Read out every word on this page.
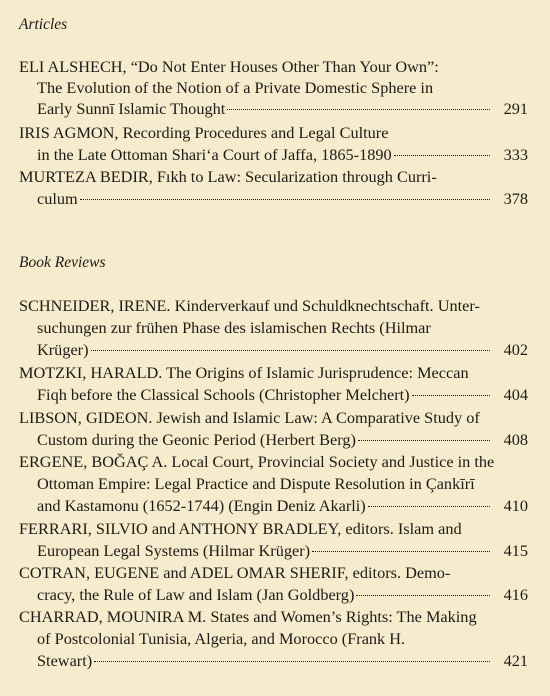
Articles
ELI ALSHECH, “Do Not Enter Houses Other Than Your Own”:
The Evolution of the Notion of a Private Domestic Sphere in
Early Sunnī Islamic Thought	291
IRIS AGMON, Recording Procedures and Legal Culture
in the Late Ottoman Shari‘a Court of Jaffa, 1865-1890	333
MURTEZA BEDIR, Fıkh to Law: Secularization through Curri-
culum	378
Book Reviews
SCHNEIDER, IRENE. Kinderverkauf und Schuldknechtschaft. Unter-
suchungen zur frühen Phase des islamischen Rechts (Hilmar
Krüger)	402
MOTZKI, HARALD. The Origins of Islamic Jurisprudence: Meccan
Fiqh before the Classical Schools (Christopher Melchert)	404
LIBSON, GIDEON. Jewish and Islamic Law: A Comparative Study of
Custom during the Geonic Period (Herbert Berg)	408
ERGENE, BOĞAÇ A. Local Court, Provincial Society and Justice in the
Ottoman Empire: Legal Practice and Dispute Resolution in Çankīrī
and Kastamonu (1652-1744) (Engin Deniz Akarli)	410
FERRARI, SILVIO and ANTHONY BRADLEY, editors. Islam and
European Legal Systems (Hilmar Krüger)	415
COTRAN, EUGENE and ADEL OMAR SHERIF, editors. Demo-
cracy, the Rule of Law and Islam (Jan Goldberg)	416
CHARRAD, MOUNIRA M. States and Women’s Rights: The Making
of Postcolonial Tunisia, Algeria, and Morocco (Frank H.
Stewart)	421
